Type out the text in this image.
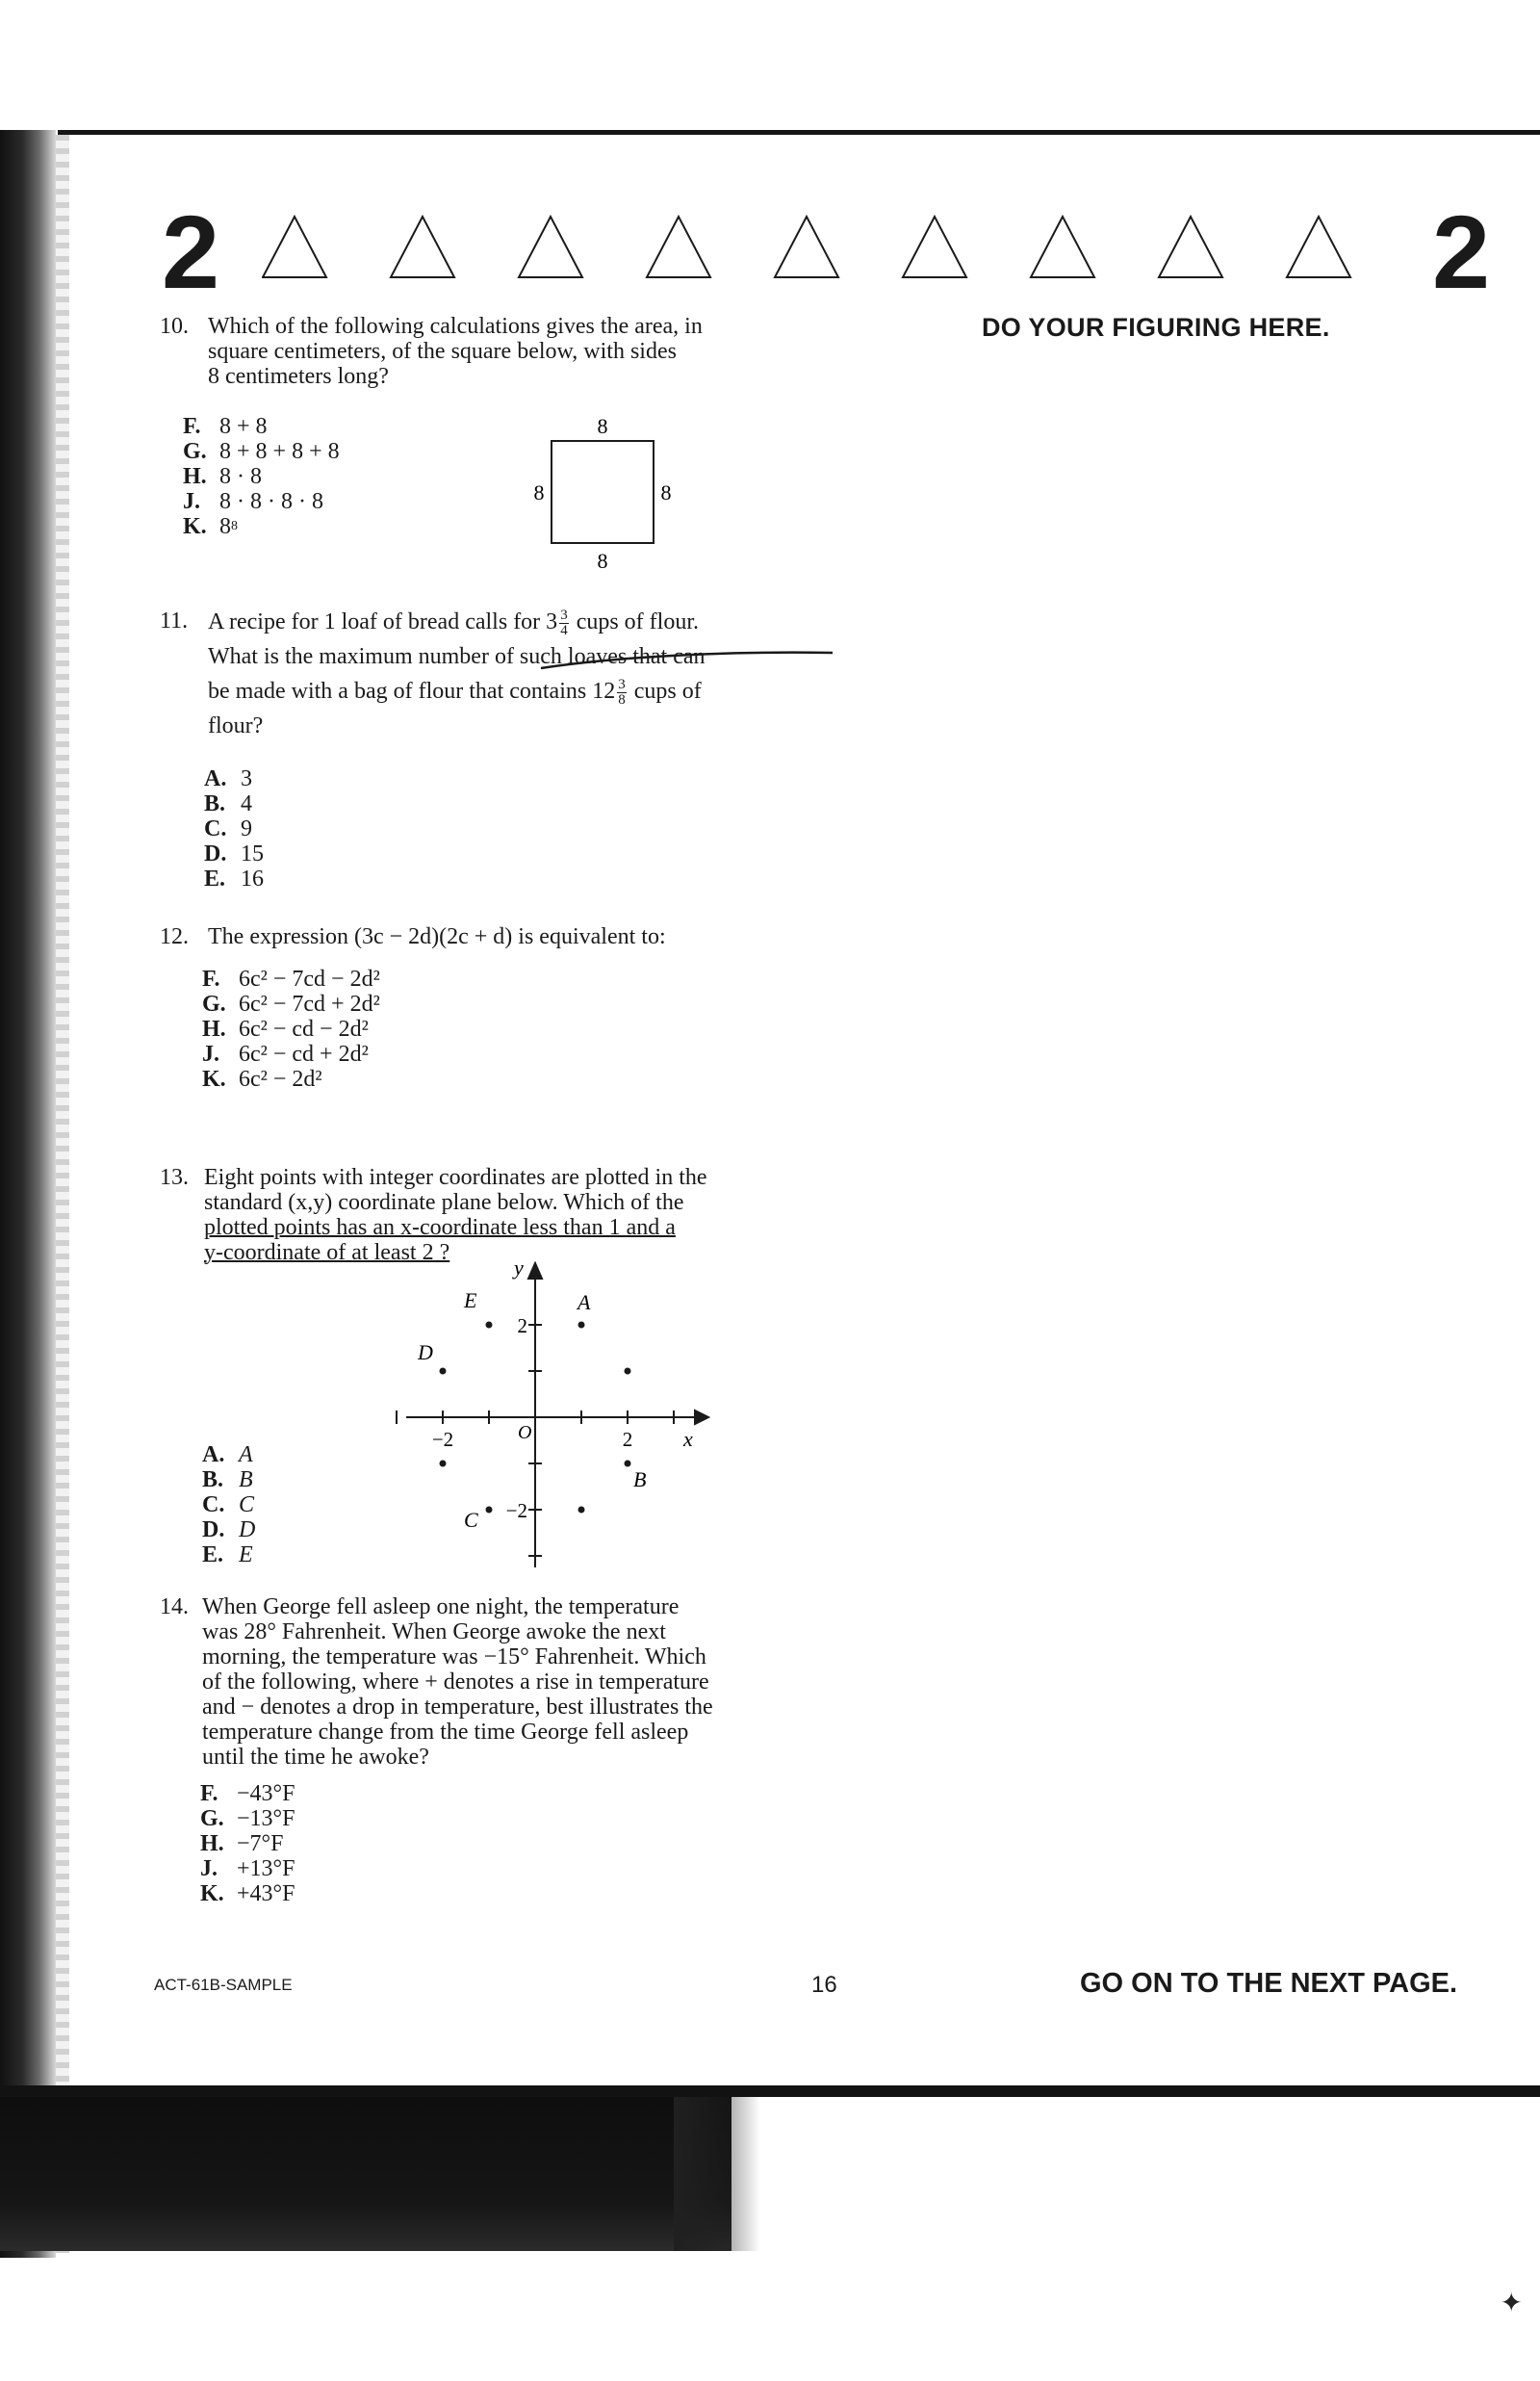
✦
2	2
DO YOUR FIGURING HERE.
10. Which of the following calculations gives the area, in
square centimeters, of the square below, with sides
8 centimeters long?
F. 8 + 8
G. 8 + 8 + 8 + 8
H. 8 · 8
J. 8 · 8 · 8 · 8
K. 8 8
8
8	8
8
11. A recipe for 1 loaf of bread calls for $3 \frac{3}{4}$ cups of flour.
What is the maximum number of such loaves that can
be made with a bag of flour that contains $12 \frac{3}{8}$ cups of
flour?
A. 3
B. 4
C. 9
D. 15
E. 16
12. The expression (3c − 2d)(2c + d) is equivalent to:
F. 6c² − 7cd − 2d²
G. 6c² − 7cd + 2d²
H. 6c² − cd − 2d²
J. 6c² − cd + 2d²
K. 6c² − 2d²
13. Eight points with integer coordinates are plotted in the
standard (x,y) coordinate plane below. Which of the
plotted points has an x-coordinate less than 1 and a
y-coordinate of at least 2 ?
A. A
B. B
C. C
D. D
E. E
A
B
C
D
E
y
x
O
−2	2
2
−2
14. When George fell asleep one night, the temperature
was 28° Fahrenheit. When George awoke the next
morning, the temperature was −15° Fahrenheit. Which
of the following, where + denotes a rise in temperature
and − denotes a drop in temperature, best illustrates the
temperature change from the time George fell asleep
until the time he awoke?
F. −43°F
G. −13°F
H. −7°F
J. +13°F
K. +43°F
ACT-61B-SAMPLE	16	GO ON TO THE NEXT PAGE.
